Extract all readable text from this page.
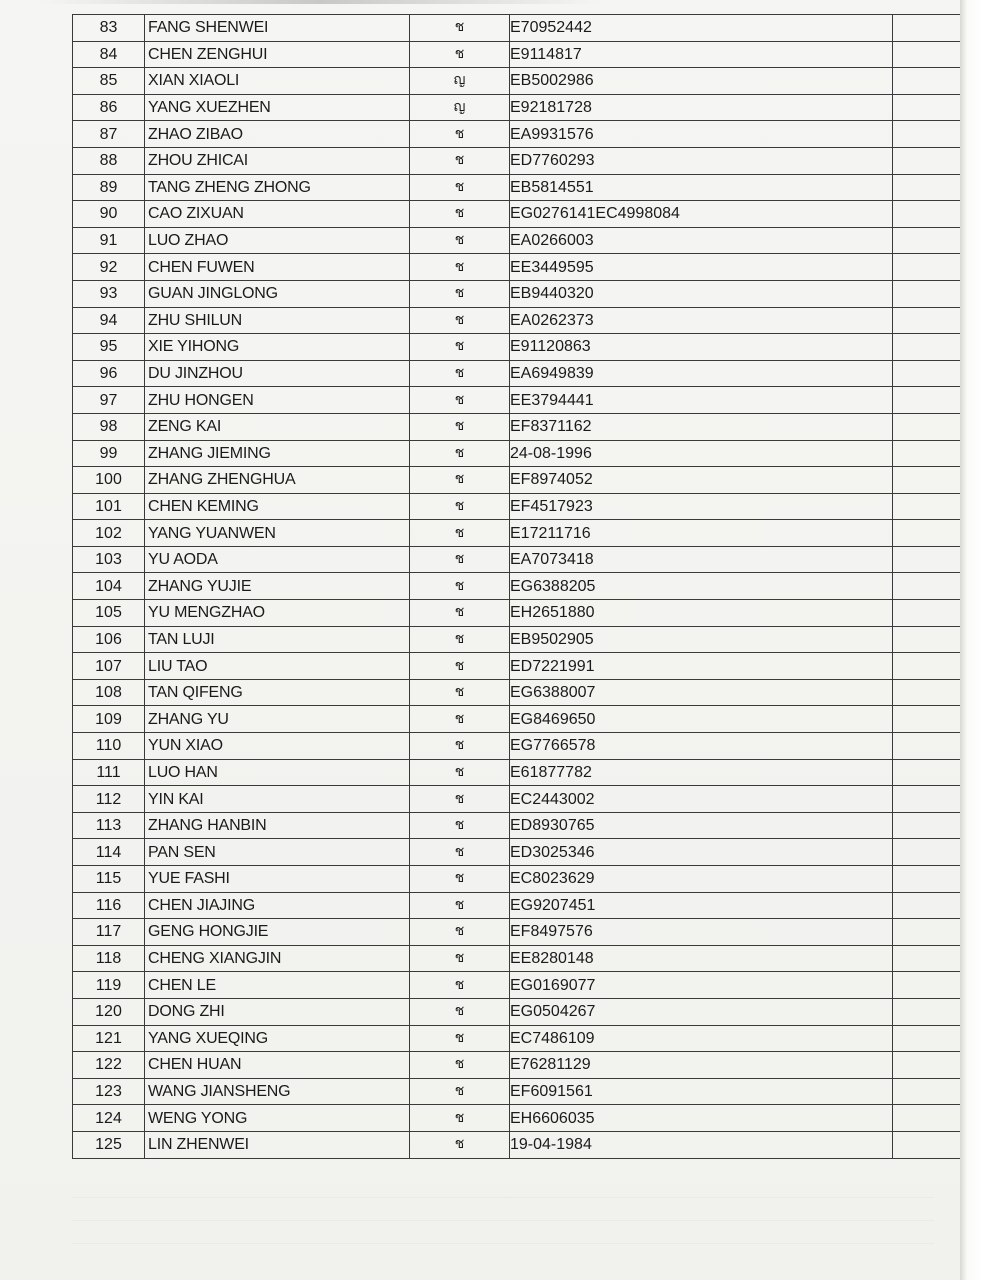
83	FANG SHENWEI	ช	E70952442	
84	CHEN ZENGHUI	ช	E9114817	
85	XIAN XIAOLI	ญ	EB5002986	
86	YANG XUEZHEN	ญ	E92181728	
87	ZHAO ZIBAO	ช	EA9931576	
88	ZHOU ZHICAI	ช	ED7760293	
89	TANG ZHENG ZHONG	ช	EB5814551	
90	CAO ZIXUAN	ช	EG0276141EC4998084	
91	LUO ZHAO	ช	EA0266003	
92	CHEN FUWEN	ช	EE3449595	
93	GUAN JINGLONG	ช	EB9440320	
94	ZHU SHILUN	ช	EA0262373	
95	XIE YIHONG	ช	E91120863	
96	DU JINZHOU	ช	EA6949839	
97	ZHU HONGEN	ช	EE3794441	
98	ZENG KAI	ช	EF8371162	
99	ZHANG JIEMING	ช	24-08-1996	
100	ZHANG ZHENGHUA	ช	EF8974052	
101	CHEN KEMING	ช	EF4517923	
102	YANG YUANWEN	ช	E17211716	
103	YU AODA	ช	EA7073418	
104	ZHANG YUJIE	ช	EG6388205	
105	YU MENGZHAO	ช	EH2651880	
106	TAN LUJI	ช	EB9502905	
107	LIU TAO	ช	ED7221991	
108	TAN QIFENG	ช	EG6388007	
109	ZHANG YU	ช	EG8469650	
110	YUN XIAO	ช	EG7766578	
111	LUO HAN	ช	E61877782	
112	YIN KAI	ช	EC2443002	
113	ZHANG HANBIN	ช	ED8930765	
114	PAN SEN	ช	ED3025346	
115	YUE FASHI	ช	EC8023629	
116	CHEN JIAJING	ช	EG9207451	
117	GENG HONGJIE	ช	EF8497576	
118	CHENG XIANGJIN	ช	EE8280148	
119	CHEN LE	ช	EG0169077	
120	DONG ZHI	ช	EG0504267	
121	YANG XUEQING	ช	EC7486109	
122	CHEN HUAN	ช	E76281129	
123	WANG JIANSHENG	ช	EF6091561	
124	WENG YONG	ช	EH6606035	
125	LIN ZHENWEI	ช	19-04-1984	
